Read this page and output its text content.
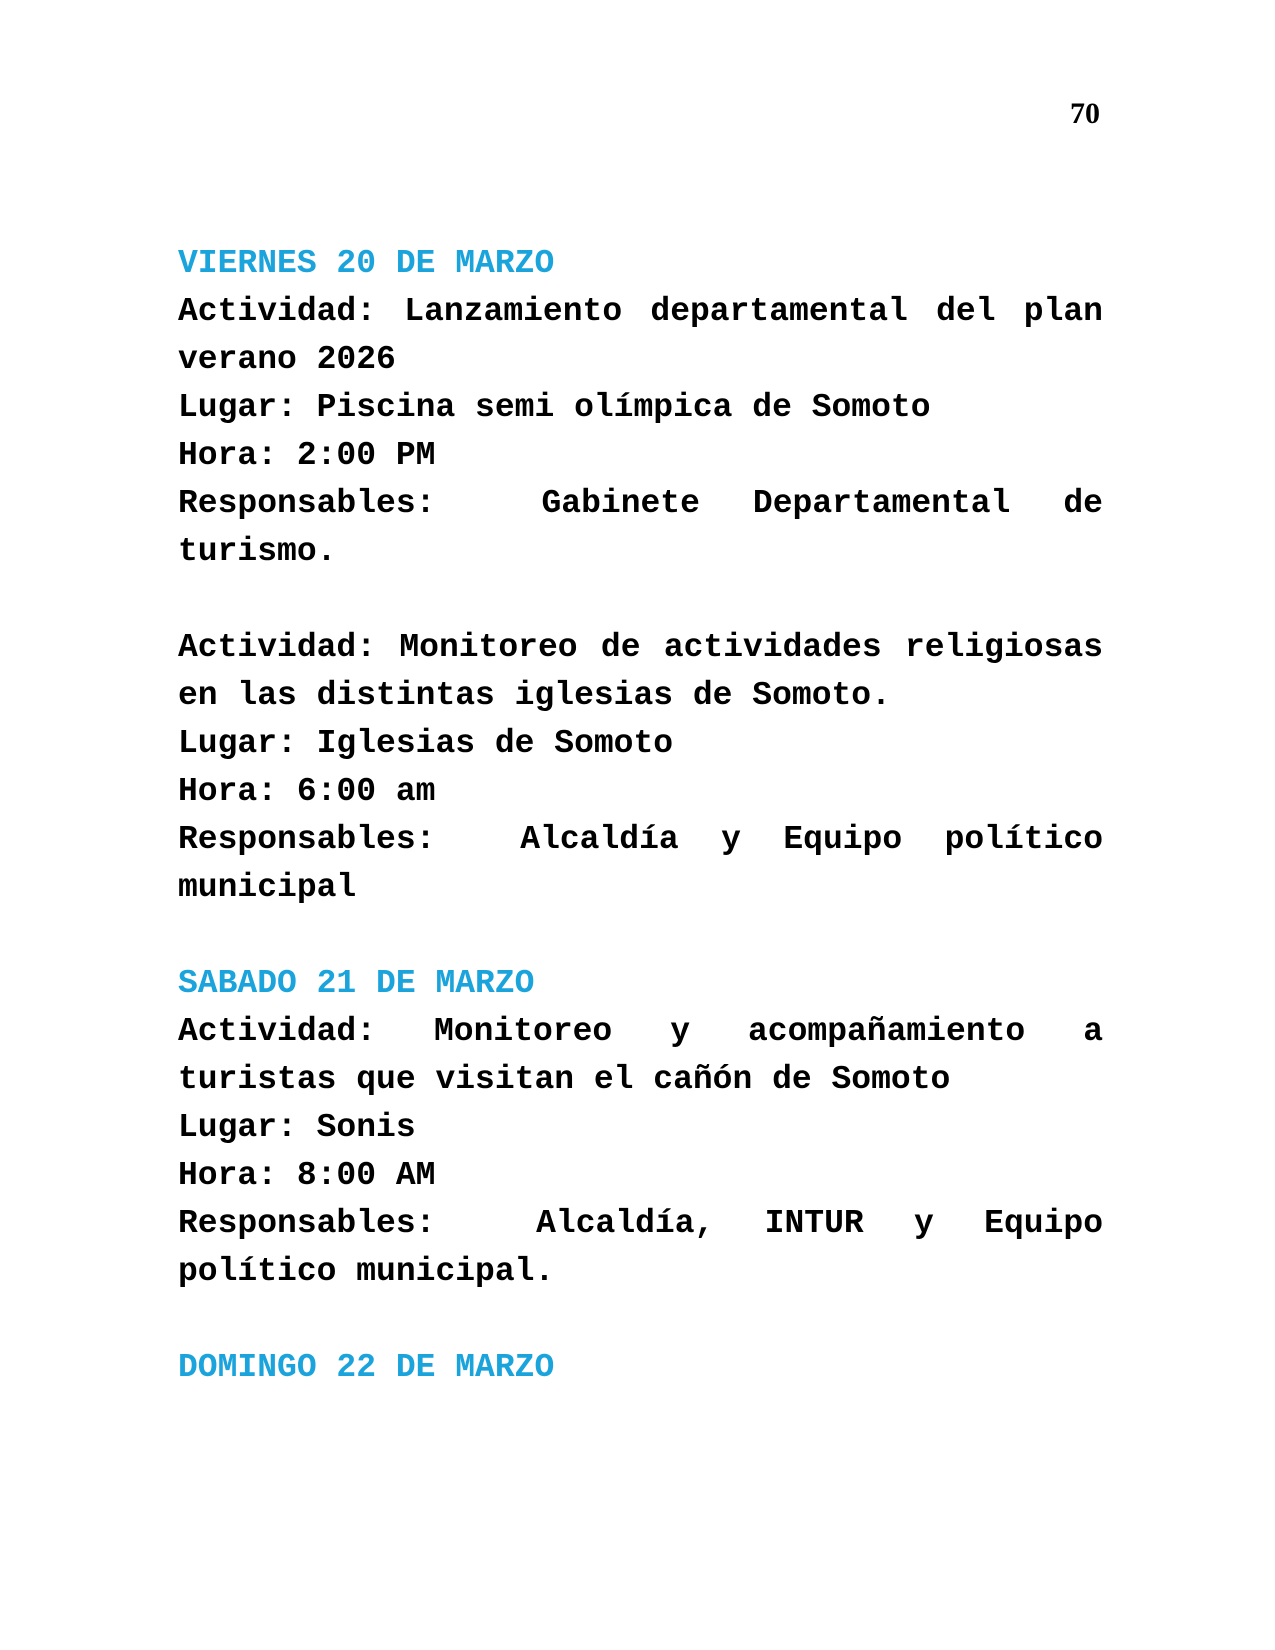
70

VIERNES 20 DE MARZO

Actividad: Lanzamiento departamental del plan verano 2026

Lugar: Piscina semi olímpica de Somoto

Hora: 2:00 PM

Responsables:  Gabinete Departamental de turismo.

Actividad: Monitoreo de actividades religiosas en las distintas iglesias de Somoto.

Lugar: Iglesias de Somoto

Hora: 6:00 am

Responsables:  Alcaldía y Equipo político municipal

SABADO 21 DE MARZO

Actividad: Monitoreo y acompañamiento a turistas que visitan el cañón de Somoto

Lugar: Sonis

Hora: 8:00 AM

Responsables:  Alcaldía, INTUR y Equipo político municipal.

DOMINGO 22 DE MARZO
